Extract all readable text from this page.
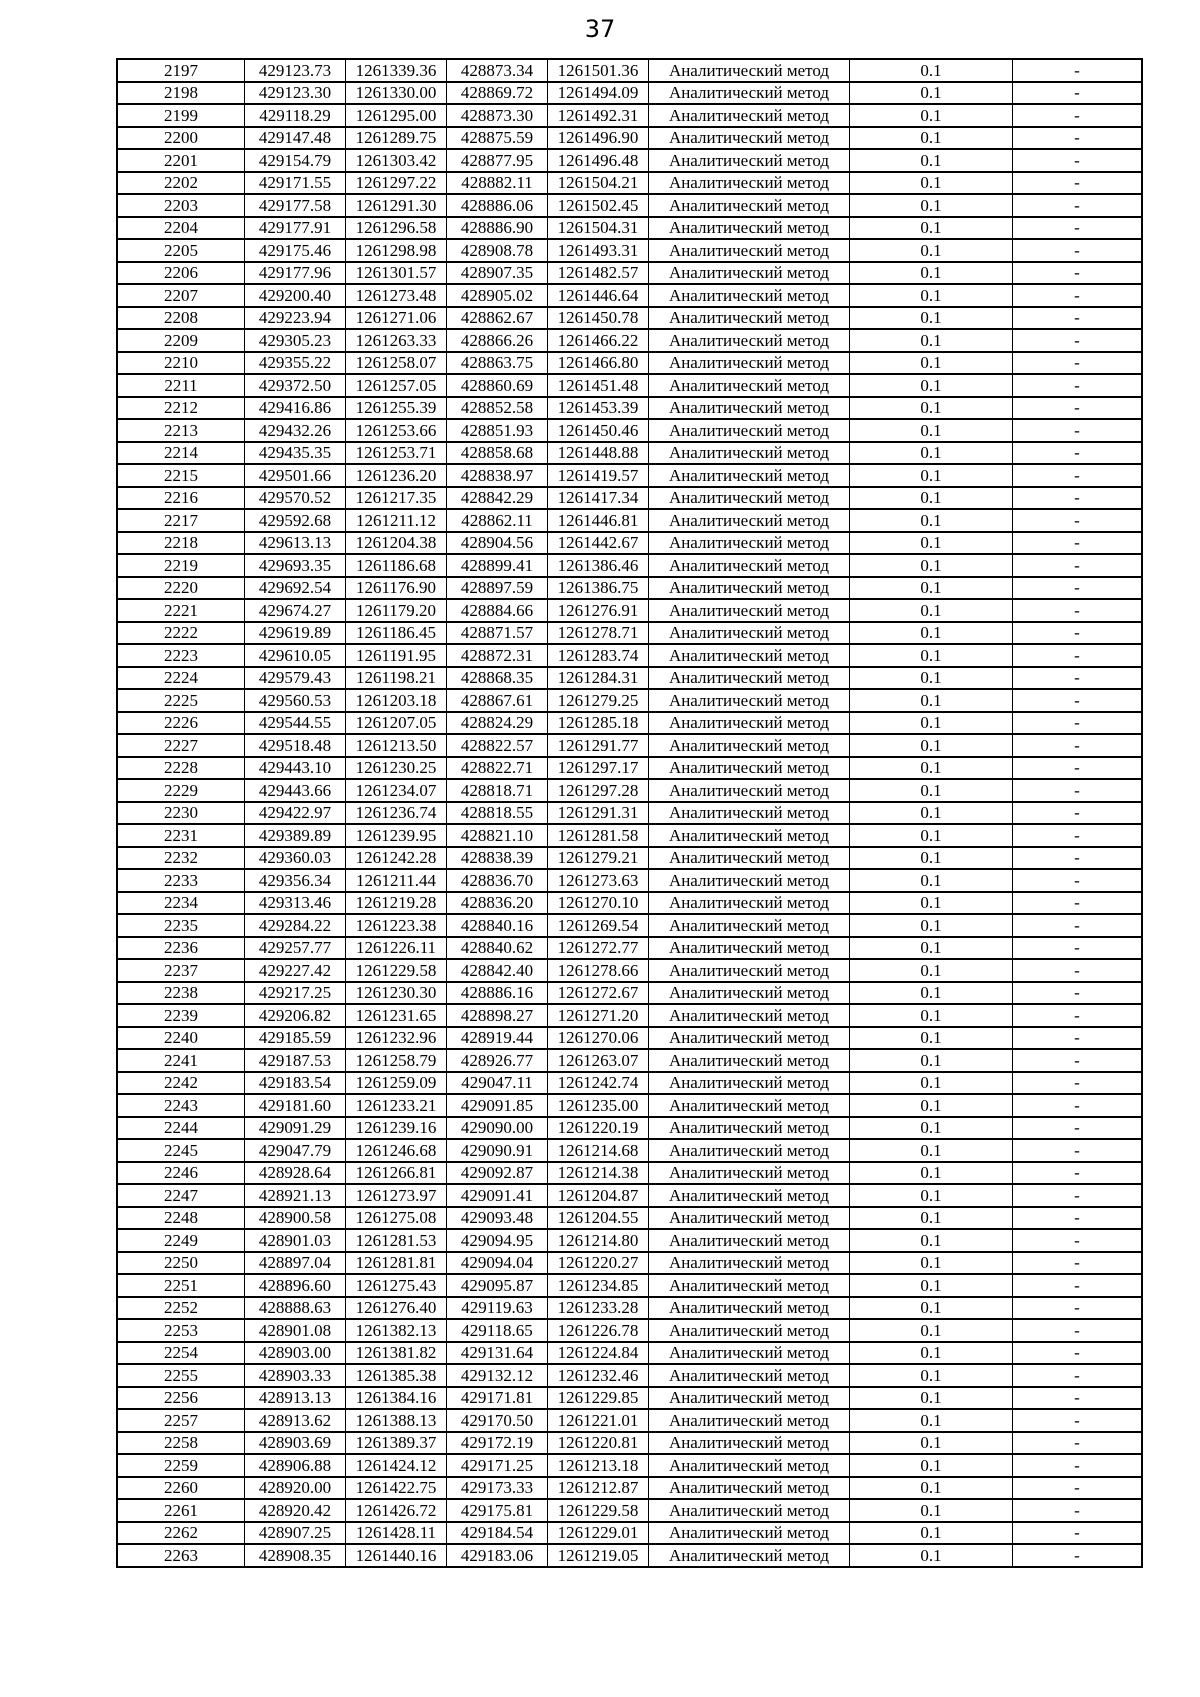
37
2197	429123.73	1261339.36	428873.34	1261501.36	Аналитический метод	0.1	-
2198	429123.30	1261330.00	428869.72	1261494.09	Аналитический метод	0.1	-
2199	429118.29	1261295.00	428873.30	1261492.31	Аналитический метод	0.1	-
2200	429147.48	1261289.75	428875.59	1261496.90	Аналитический метод	0.1	-
2201	429154.79	1261303.42	428877.95	1261496.48	Аналитический метод	0.1	-
2202	429171.55	1261297.22	428882.11	1261504.21	Аналитический метод	0.1	-
2203	429177.58	1261291.30	428886.06	1261502.45	Аналитический метод	0.1	-
2204	429177.91	1261296.58	428886.90	1261504.31	Аналитический метод	0.1	-
2205	429175.46	1261298.98	428908.78	1261493.31	Аналитический метод	0.1	-
2206	429177.96	1261301.57	428907.35	1261482.57	Аналитический метод	0.1	-
2207	429200.40	1261273.48	428905.02	1261446.64	Аналитический метод	0.1	-
2208	429223.94	1261271.06	428862.67	1261450.78	Аналитический метод	0.1	-
2209	429305.23	1261263.33	428866.26	1261466.22	Аналитический метод	0.1	-
2210	429355.22	1261258.07	428863.75	1261466.80	Аналитический метод	0.1	-
2211	429372.50	1261257.05	428860.69	1261451.48	Аналитический метод	0.1	-
2212	429416.86	1261255.39	428852.58	1261453.39	Аналитический метод	0.1	-
2213	429432.26	1261253.66	428851.93	1261450.46	Аналитический метод	0.1	-
2214	429435.35	1261253.71	428858.68	1261448.88	Аналитический метод	0.1	-
2215	429501.66	1261236.20	428838.97	1261419.57	Аналитический метод	0.1	-
2216	429570.52	1261217.35	428842.29	1261417.34	Аналитический метод	0.1	-
2217	429592.68	1261211.12	428862.11	1261446.81	Аналитический метод	0.1	-
2218	429613.13	1261204.38	428904.56	1261442.67	Аналитический метод	0.1	-
2219	429693.35	1261186.68	428899.41	1261386.46	Аналитический метод	0.1	-
2220	429692.54	1261176.90	428897.59	1261386.75	Аналитический метод	0.1	-
2221	429674.27	1261179.20	428884.66	1261276.91	Аналитический метод	0.1	-
2222	429619.89	1261186.45	428871.57	1261278.71	Аналитический метод	0.1	-
2223	429610.05	1261191.95	428872.31	1261283.74	Аналитический метод	0.1	-
2224	429579.43	1261198.21	428868.35	1261284.31	Аналитический метод	0.1	-
2225	429560.53	1261203.18	428867.61	1261279.25	Аналитический метод	0.1	-
2226	429544.55	1261207.05	428824.29	1261285.18	Аналитический метод	0.1	-
2227	429518.48	1261213.50	428822.57	1261291.77	Аналитический метод	0.1	-
2228	429443.10	1261230.25	428822.71	1261297.17	Аналитический метод	0.1	-
2229	429443.66	1261234.07	428818.71	1261297.28	Аналитический метод	0.1	-
2230	429422.97	1261236.74	428818.55	1261291.31	Аналитический метод	0.1	-
2231	429389.89	1261239.95	428821.10	1261281.58	Аналитический метод	0.1	-
2232	429360.03	1261242.28	428838.39	1261279.21	Аналитический метод	0.1	-
2233	429356.34	1261211.44	428836.70	1261273.63	Аналитический метод	0.1	-
2234	429313.46	1261219.28	428836.20	1261270.10	Аналитический метод	0.1	-
2235	429284.22	1261223.38	428840.16	1261269.54	Аналитический метод	0.1	-
2236	429257.77	1261226.11	428840.62	1261272.77	Аналитический метод	0.1	-
2237	429227.42	1261229.58	428842.40	1261278.66	Аналитический метод	0.1	-
2238	429217.25	1261230.30	428886.16	1261272.67	Аналитический метод	0.1	-
2239	429206.82	1261231.65	428898.27	1261271.20	Аналитический метод	0.1	-
2240	429185.59	1261232.96	428919.44	1261270.06	Аналитический метод	0.1	-
2241	429187.53	1261258.79	428926.77	1261263.07	Аналитический метод	0.1	-
2242	429183.54	1261259.09	429047.11	1261242.74	Аналитический метод	0.1	-
2243	429181.60	1261233.21	429091.85	1261235.00	Аналитический метод	0.1	-
2244	429091.29	1261239.16	429090.00	1261220.19	Аналитический метод	0.1	-
2245	429047.79	1261246.68	429090.91	1261214.68	Аналитический метод	0.1	-
2246	428928.64	1261266.81	429092.87	1261214.38	Аналитический метод	0.1	-
2247	428921.13	1261273.97	429091.41	1261204.87	Аналитический метод	0.1	-
2248	428900.58	1261275.08	429093.48	1261204.55	Аналитический метод	0.1	-
2249	428901.03	1261281.53	429094.95	1261214.80	Аналитический метод	0.1	-
2250	428897.04	1261281.81	429094.04	1261220.27	Аналитический метод	0.1	-
2251	428896.60	1261275.43	429095.87	1261234.85	Аналитический метод	0.1	-
2252	428888.63	1261276.40	429119.63	1261233.28	Аналитический метод	0.1	-
2253	428901.08	1261382.13	429118.65	1261226.78	Аналитический метод	0.1	-
2254	428903.00	1261381.82	429131.64	1261224.84	Аналитический метод	0.1	-
2255	428903.33	1261385.38	429132.12	1261232.46	Аналитический метод	0.1	-
2256	428913.13	1261384.16	429171.81	1261229.85	Аналитический метод	0.1	-
2257	428913.62	1261388.13	429170.50	1261221.01	Аналитический метод	0.1	-
2258	428903.69	1261389.37	429172.19	1261220.81	Аналитический метод	0.1	-
2259	428906.88	1261424.12	429171.25	1261213.18	Аналитический метод	0.1	-
2260	428920.00	1261422.75	429173.33	1261212.87	Аналитический метод	0.1	-
2261	428920.42	1261426.72	429175.81	1261229.58	Аналитический метод	0.1	-
2262	428907.25	1261428.11	429184.54	1261229.01	Аналитический метод	0.1	-
2263	428908.35	1261440.16	429183.06	1261219.05	Аналитический метод	0.1	-
